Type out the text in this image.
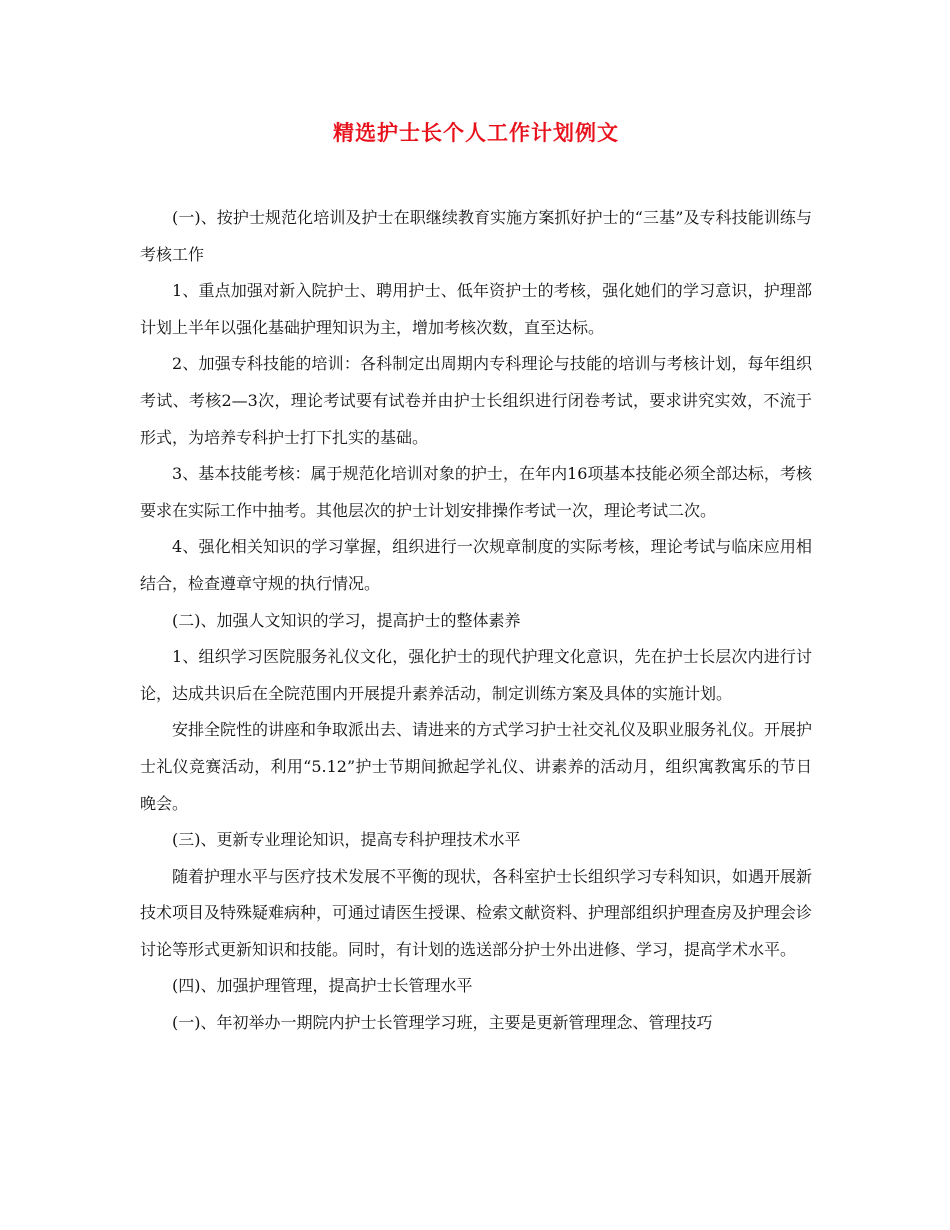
精选护士长个人工作计划例文

(一)、按护士规范化培训及护士在职继续教育实施方案抓好护士的“三基”及专科技能训练与考核工作

1、重点加强对新入院护士、聘用护士、低年资护士的考核，强化她们的学习意识，护理部计划上半年以强化基础护理知识为主，增加考核次数，直至达标。

2、加强专科技能的培训：各科制定出周期内专科理论与技能的培训与考核计划，每年组织考试、考核2—3次，理论考试要有试卷并由护士长组织进行闭卷考试，要求讲究实效，不流于形式，为培养专科护士打下扎实的基础。

3、基本技能考核：属于规范化培训对象的护士，在年内16项基本技能必须全部达标，考核要求在实际工作中抽考。其他层次的护士计划安排操作考试一次，理论考试二次。

4、强化相关知识的学习掌握，组织进行一次规章制度的实际考核，理论考试与临床应用相结合，检查遵章守规的执行情况。

(二)、加强人文知识的学习，提高护士的整体素养

1、组织学习医院服务礼仪文化，强化护士的现代护理文化意识，先在护士长层次内进行讨论，达成共识后在全院范围内开展提升素养活动，制定训练方案及具体的实施计划。

安排全院性的讲座和争取派出去、请进来的方式学习护士社交礼仪及职业服务礼仪。开展护士礼仪竞赛活动，利用“5.12”护士节期间掀起学礼仪、讲素养的活动月，组织寓教寓乐的节日晚会。

(三)、更新专业理论知识，提高专科护理技术水平

随着护理水平与医疗技术发展不平衡的现状，各科室护士长组织学习专科知识，如遇开展新技术项目及特殊疑难病种，可通过请医生授课、检索文献资料、护理部组织护理查房及护理会诊讨论等形式更新知识和技能。同时，有计划的选送部分护士外出进修、学习，提高学术水平。

(四)、加强护理管理，提高护士长管理水平

(一)、年初举办一期院内护士长管理学习班，主要是更新管理理念、管理技巧
